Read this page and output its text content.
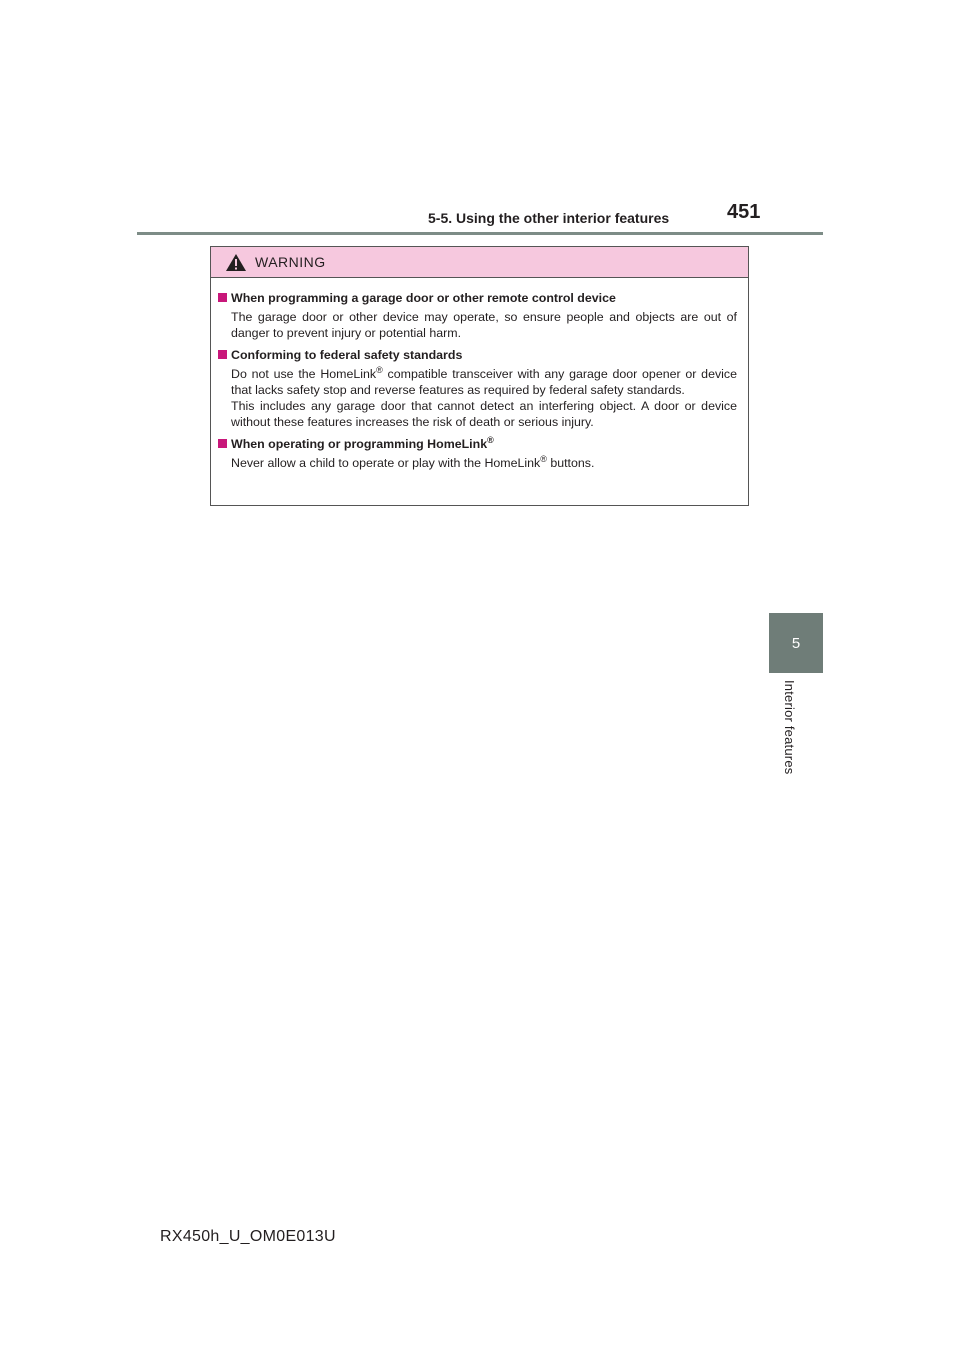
5-5. Using the other interior features	451
5
Interior features
WARNING
When programming a garage door or other remote control device

The garage door or other device may operate, so ensure people and objects are out of danger to prevent injury or potential harm.

Conforming to federal safety standards

Do not use the HomeLink® compatible transceiver with any garage door opener or device that lacks safety stop and reverse features as required by federal safety standards.

This includes any garage door that cannot detect an interfering object. A door or device without these features increases the risk of death or serious injury.

When operating or programming HomeLink®

Never allow a child to operate or play with the HomeLink® buttons.

RX450h_U_OM0E013U
